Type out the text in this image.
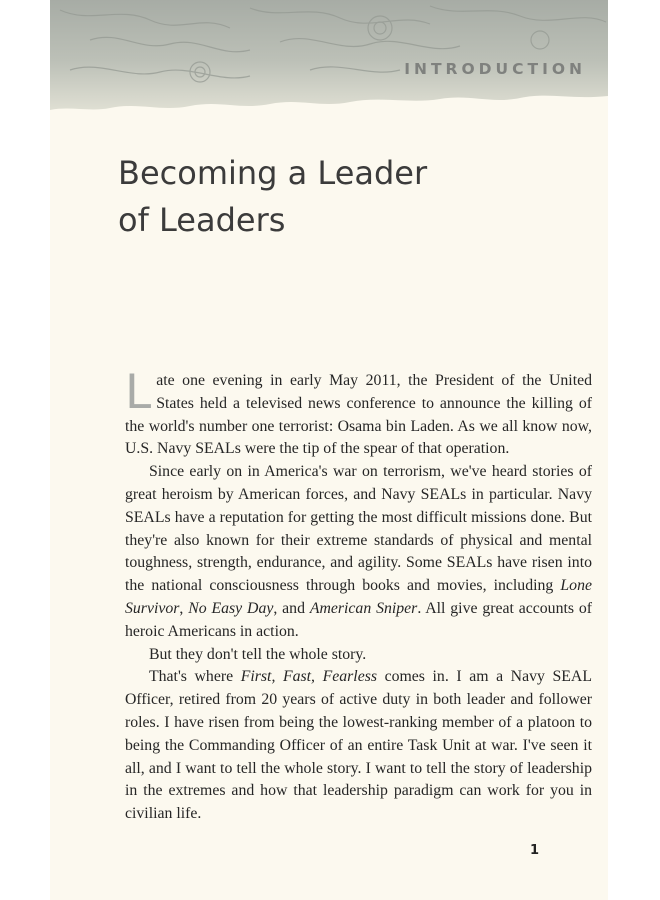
INTRODUCTION
Becoming a Leader
of Leaders

Late one evening in early May 2011, the President of the United States held a televised news conference to announce the killing of the world's number one terrorist: Osama bin Laden. As we all know now, U.S. Navy SEALs were the tip of the spear of that operation.

Since early on in America's war on terrorism, we've heard stories of great heroism by American forces, and Navy SEALs in particular. Navy SEALs have a reputation for getting the most difficult missions done. But they're also known for their extreme standards of physical and mental toughness, strength, endurance, and agility. Some SEALs have risen into the national consciousness through books and movies, including Lone Survivor, No Easy Day, and American Sniper. All give great accounts of heroic Americans in action.

But they don't tell the whole story.

That's where First, Fast, Fearless comes in. I am a Navy SEAL Officer, retired from 20 years of active duty in both leader and follower roles. I have risen from being the lowest-ranking member of a platoon to being the Commanding Officer of an entire Task Unit at war. I've seen it all, and I want to tell the whole story. I want to tell the story of leadership in the extremes and how that leadership paradigm can work for you in civilian life.

1
